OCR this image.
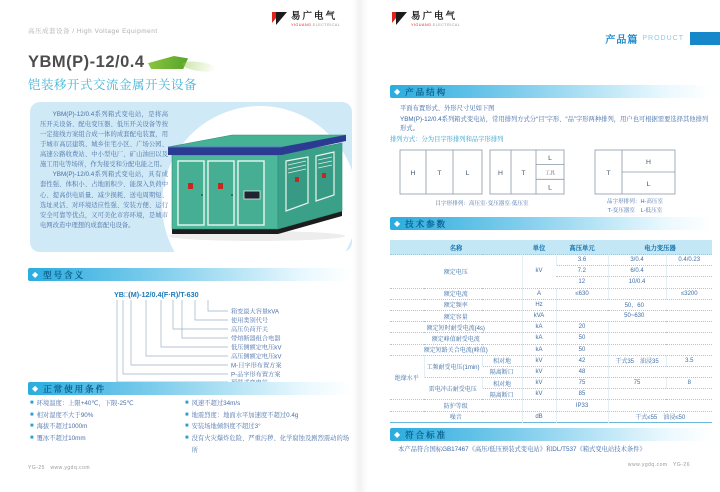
高压成套设备 / High Voltage Equipment
易广电气
YIGUANG ELECTRICAL
YBM(P)-12/0.4
铠装移开式交流金属开关设备

YBM(P)-12/0.4系列箱式变电站，是将高压开关设备、配电变压器、低压开关设备等按一定接线方案组合成一体的成套配电装置，用于城市高层建筑、城乡住宅小区、广场公园、高速公路收费站、中小型电厂、矿山油田以及施工用电等场所，作为接受和分配电能之用。

YBM(P)-12/0.4系列箱式变电站，具有成套性强、体积小、占地面积少、能深入负荷中心、提高供电质量、减少损耗、送电周期短、选址灵活、对环境适应性强、安装方便、运行安全可靠等优点，又可美化市容环境，是城市电网改造中理想的成套配电设备。

◆ 型号含义
YB□(M)-12/0.4(F·R)/T-630
箱变最大容量kVA
使用类别代号
高压负荷开关
带熔断器组合电器
低压侧额定电压kV
高压侧额定电压kV
M-目字形布置方案
P-品字形布置方案
◆ 正常使用条件
■ 环境温度：上限+40℃，下限-25℃
■ 相对湿度不大于90%
■ 海拔不超过1000m
■ 覆冰不超过10mm
■ 风速不超过34m/s
■ 地震烈度：地面水平加速度不超过0.4g
■ 安装场地倾斜度不超过3°
■ 没有火灾爆炸危险、严重污秽、化学腐蚀及剧烈震动的场所
YG-25　www.ygdq.com
易广电气
YIGUANG ELECTRICAL
产品篇 PRODUCT
◆ 产品结构
平面布置形式、外形尺寸见如下图
YBM(P)-12/0.4系列箱式变电站，常用排列方式分“目”字形、“品”字形两种排列，用户也可根据需要选择其他排列形式。
排列方式：分为目字形排列和品字形排列
H	T	L	H	T
L
工具
L
T
H
L
目字形排列：高压室·变压器室·低压室	品字形排列：H-高压室
T-变压器室　L-低压室
◆ 技术参数
名称			单位	高压单元	电力变压器	
额定电压			kV	3.6	3/0.4	0.4/0.23
				7.2	6/0.4	
				12	10/0.4	
额定电流			A	≤630		≤3200
额定频率			Hz	50、60		
额定容量			kVA	50~630		
额定短时耐受电流(4s)			kA	20		
额定峰值耐受电流			kA	50		
额定短路关合电流(峰值)			kA	50		
绝缘水平	工频耐受电压(1min)	相对地	kV	42	干式35　油浸35	3.5
		隔离断口	kV	48		
	雷电冲击耐受电压	相对地	kV	75	75	8
		隔离断口	kV	85		
防护等级				IP33		
噪音			dB		干式≤55　油浸≤50	
◆ 符合标准
本产品符合国标GB17467《高压/低压预装式变电站》和DL/T537《箱式变电站技术条件》
www.ygdq.com　YG-26
